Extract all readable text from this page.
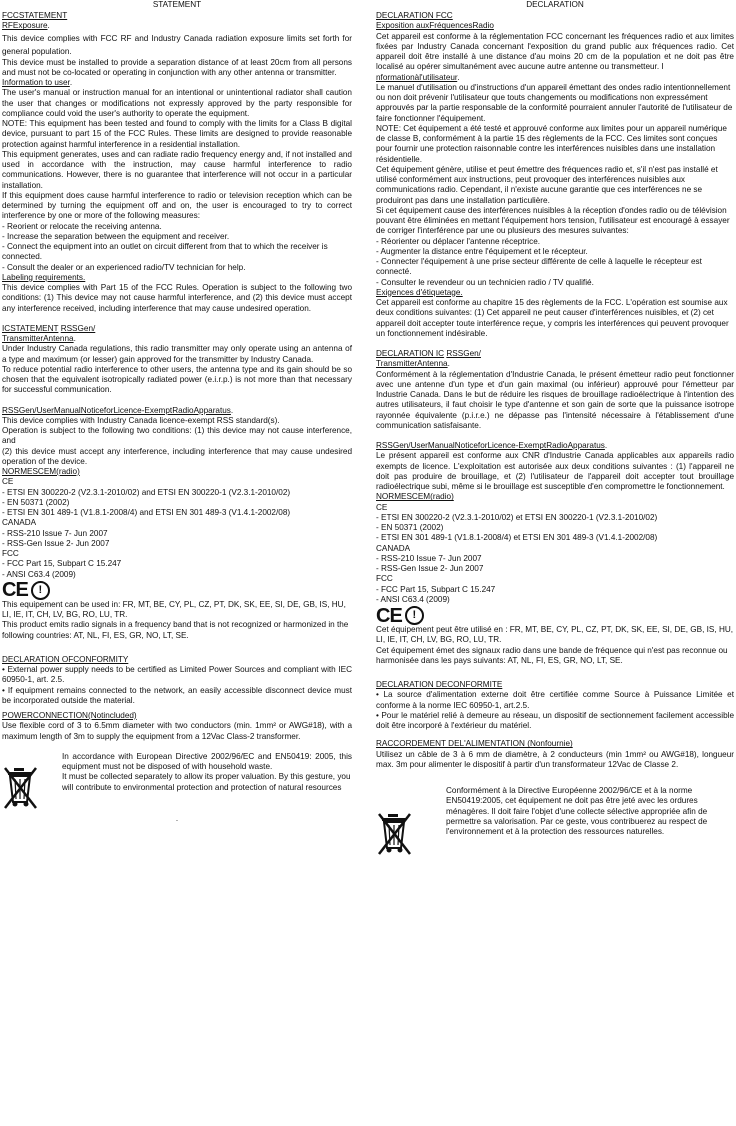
STATEMENT
FCCSTATEMENT
RFExposure.
This device complies with FCC RF and Industry Canada radiation exposure limits set forth for general population.
This device must be installed to provide a separation distance of at least 20cm from all persons and must not be co-located or operating in conjunction with any other antenna or transmitter.
Information to user.
The user's manual or instruction manual for an intentional or unintentional radiator shall caution the user that changes or modifications not expressly approved by the party responsible for compliance could void the user's authority to operate the equipment.
NOTE: This equipment has been tested and found to comply with the limits for a Class B digital device, pursuant to part 15 of the FCC Rules. These limits are designed to provide reasonable protection against harmful interference in a residential installation.
This equipment generates, uses and can radiate radio frequency energy and, if not installed and used in accordance with the instruction, may cause harmful interference to radio communications. However, there is no guarantee that interference will not occur in a particular installation.
If this equipment does cause harmful interference to radio or television reception which can be determined by turning the equipment off and on, the user is encouraged to try to correct interference by one or more of the following measures:
- Reorient or relocate the receiving antenna.
- Increase the separation between the equipment and receiver.
- Connect the equipment into an outlet on circuit different from that to which the receiver is connected.
- Consult the dealer or an experienced radio/TV technician for help.
Labeling requirements.
This device complies with Part 15 of the FCC Rules. Operation is subject to the following two conditions: (1) This device may not cause harmful interference, and (2) this device must accept any interference received, including interference that may cause undesired operation.
ICSTATEMENT RSSGen/
TransmitterAntenna.
Under Industry Canada regulations, this radio transmitter may only operate using an antenna of a type and maximum (or lesser) gain approved for the transmitter by Industry Canada.
To reduce potential radio interference to other users, the antenna type and its gain should be so chosen that the equivalent isotropically radiated power (e.i.r.p.) is not more than that necessary for successful communication.
RSSGen/UserManualNoticeforLicence-ExemptRadioApparatus.
This device complies with Industry Canada licence-exempt RSS standard(s).
Operation is subject to the following two conditions: (1) this device may not cause interference, and
(2) this device must accept any interference, including interference that may cause undesired operation of the device.
NORMESCEM(radio)
CE
- ETSI EN 300220-2 (V2.3.1-2010/02) and ETSI EN 300220-1 (V2.3.1-2010/02)
- EN 50371 (2002)
- ETSI EN 301 489-1 (V1.8.1-2008/4) and ETSI EN 301 489-3 (V1.4.1-2002/08)
CANADA
- RSS-210 Issue 7- Jun 2007
- RSS-Gen Issue 2- Jun 2007
FCC
- FCC Part 15, Subpart C 15.247
- ANSI C63.4 (2009)
CE !
This equipement can be used in: FR, MT, BE, CY, PL, CZ, PT, DK, SK, EE, SI, DE, GB, IS, HU, LI, IE, IT, CH, LV, BG, RO, LU, TR.
This product emits radio signals in a frequency band that is not recognized or harmonized in the following countries: AT, NL, FI, ES, GR, NO, LT, SE.
DECLARATION OFCONFORMITY
• External power supply needs to be certified as Limited Power Sources and compliant with IEC 60950-1, art. 2.5.
• If equipment remains connected to the network, an easily accessible disconnect device must be incorporated outside the material.
POWERCONNECTION(Notincluded)
Use flexible cord of 3 to 6.5mm diameter with two conductors (min. 1mm² or AWG#18), with a maximum length of 3m to supply the equipment from a 12Vac Class-2 transformer.
In accordance with European Directive 2002/96/EC and EN50419: 2005, this equipment must not be disposed of with household waste.
It must be collected separately to allow its proper valuation. By this gesture, you will contribute to environmental protection and protection of natural resources
.
DECLARATION
DECLARATION FCC
Exposition auxFréquencesRadio
Cet appareil est conforme à la réglementation FCC concernant les fréquences radio et aux limites fixées par Industry Canada concernant l'exposition du grand public aux fréquences radio. Cet appareil doit être installé à une distance d'au moins 20 cm de la population et ne doit pas être localisé au opérer simultanément avec aucune autre antenne ou transmetteur. I
nformationàl'utilisateur.
Le manuel d'utilisation ou d'instructions d'un appareil émettant des ondes radio intentionnellement ou non doit prévenir l'utilisateur que touts changements ou modifications non expressément approuvés par la partie responsable de la conformité pourraient annuler l'autorité de l'utilisateur de faire fonctionner l'équipement.
NOTE: Cet équipement a été testé et approuvé conforme aux limites pour un appareil numérique de classe B, conformément à la partie 15 des règlements de la FCC. Ces limites sont conçues pour fournir une protection raisonnable contre les interférences nuisibles dans une installation résidentielle.
Cet équipement génère, utilise et peut émettre des fréquences radio et, s'il n'est pas installé et utilisé conformément aux instructions, peut provoquer des interférences nuisibles aux communications radio. Cependant, il n'existe aucune garantie que ces interférences ne se produiront pas dans une installation particulière.
Si cet équipement cause des interférences nuisibles à la réception d'ondes radio ou de télévision pouvant être éliminées en mettant l'équipement hors tension, l'utilisateur est encouragé à essayer de corriger l'interférence par une ou plusieurs des mesures suivantes:
- Réorienter ou déplacer l'antenne réceptrice.
- Augmenter la distance entre l'équipement et le récepteur.
- Connecter l'équipement à une prise secteur différente de celle à laquelle le récepteur est connecté.
- Consulter le revendeur ou un technicien radio / TV qualifié.
Exigences d'étiquetage.
Cet appareil est conforme au chapitre 15 des règlements de la FCC. L'opération est soumise aux deux conditions suivantes: (1) Cet appareil ne peut causer d'interférences nuisibles, et (2) cet appareil doit accepter toute interférence reçue, y compris les interférences qui peuvent provoquer un fonctionnement indésirable.
DECLARATION IC RSSGen/
TransmitterAntenna.
Conformément à la réglementation d'Industrie Canada, le présent émetteur radio peut fonctionner avec une antenne d'un type et d'un gain maximal (ou inférieur) approuvé pour l'émetteur par Industrie Canada. Dans le but de réduire les risques de brouillage radioélectrique à l'intention des autres utilisateurs, il faut choisir le type d'antenne et son gain de sorte que la puissance isotrope rayonnée équivalente (p.i.r.e.) ne dépasse pas l'intensité nécessaire à l'établissement d'une communication satisfaisante.
RSSGen/UserManualNoticeforLicence-ExemptRadioApparatus.
Le présent appareil est conforme aux CNR d'Industrie Canada applicables aux appareils radio exempts de licence. L'exploitation est autorisée aux deux conditions suivantes : (1) l'appareil ne doit pas produire de brouillage, et (2) l'utilisateur de l'appareil doit accepter tout brouillage radioélectrique subi, même si le brouillage est susceptible d'en compromettre le fonctionnement.
NORMESCEM(radio)
CE
- ETSI EN 300220-2 (V2.3.1-2010/02) et ETSI EN 300220-1 (V2.3.1-2010/02)
- EN 50371 (2002)
- ETSI EN 301 489-1 (V1.8.1-2008/4) et ETSI EN 301 489-3 (V1.4.1-2002/08)
CANADA
- RSS-210 Issue 7- Jun 2007
- RSS-Gen Issue 2- Jun 2007
FCC
- FCC Part 15, Subpart C 15.247
- ANSI C63.4 (2009)
CE !
Cet équipement peut être utilisé en : FR, MT, BE, CY, PL, CZ, PT, DK, SK, EE, SI, DE, GB, IS, HU, LI, IE, IT, CH, LV, BG, RO, LU, TR.
Cet équipement émet des signaux radio dans une bande de fréquence qui n'est pas reconnue ou harmonisée dans les pays suivants: AT, NL, FI, ES, GR, NO, LT, SE.
DECLARATION DECONFORMITE
• La source d'alimentation externe doit être certifiée comme Source à Puissance Limitée et conforme à la norme IEC 60950-1, art.2.5.
• Pour le matériel relié à demeure au réseau, un dispositif de sectionnement facilement accessible doit être incorporé à l'extérieur du matériel.
RACCORDEMENT DEL'ALIMENTATION (Nonfournie)
Utilisez un câble de 3 à 6 mm de diamètre, à 2 conducteurs (min 1mm² ou AWG#18), longueur max. 3m pour alimenter le dispositif à partir d'un transformateur 12Vac de Classe 2.
Conformément à la Directive Européenne 2002/96/CE et à la norme EN50419:2005, cet équipement ne doit pas être jeté avec les ordures ménagères. Il doit faire l'objet d'une collecte sélective appropriée afin de permettre sa valorisation. Par ce geste, vous contribuerez au respect de l'environnement et à la protection des ressources naturelles.
